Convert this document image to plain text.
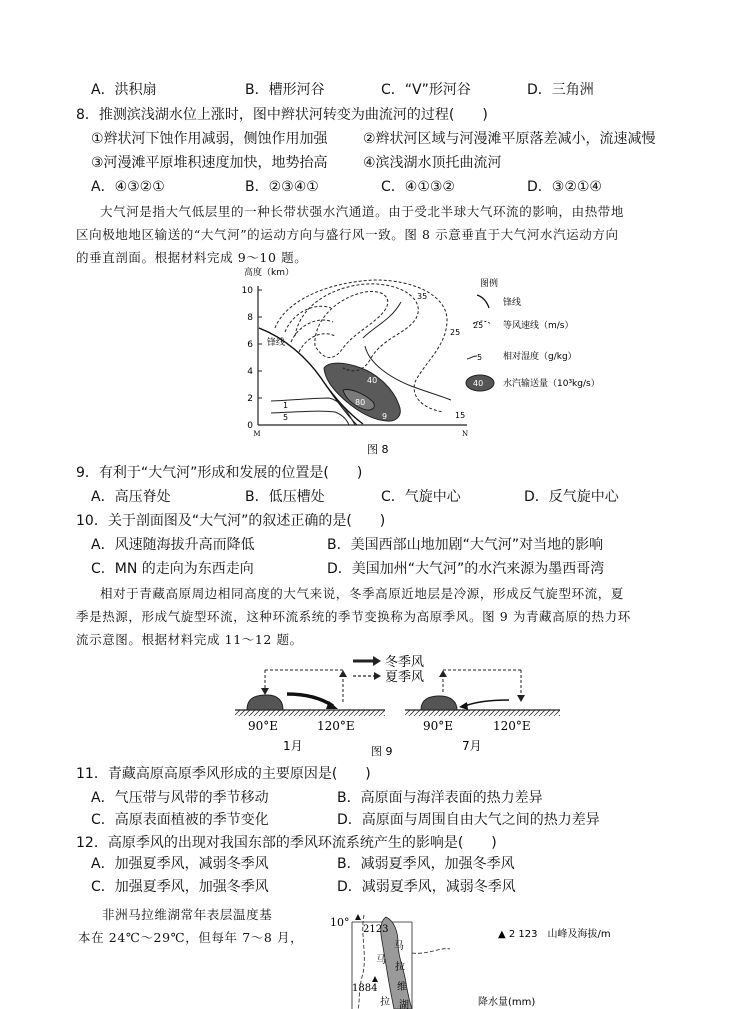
A．洪积扇	B．槽形河谷	C．“V”形河谷	D．三角洲
8．推测滨浅湖水位上涨时，图中辫状河转变为曲流河的过程(　　)
①辫状河下蚀作用减弱，侧蚀作用加强	②辫状河区域与河漫滩平原落差减小，流速减慢
③河漫滩平原堆积速度加快，地势抬高	④滨浅湖水顶托曲流河
A．④③②①	B．②③④①	C．④①③②	D．③②①④
大气河是指大气低层里的一种长带状强水汽通道。由于受北半球大气环流的影响，由热带地
区向极地地区输送的“大气河”的运动方向与盛行风一致。图 8 示意垂直于大气河水汽运动方向
的垂直剖面。根据材料完成 9～10 题。
高度（km）
10
8
6
4
2
0
M	N
35
25
15
40
80
9
1
5
锋线
图例
锋线
25 等风速线（m/s）
5 相对湿度（g/kg）
40 水汽输送量（10³kg/s）
图 8
9．有利于“大气河”形成和发展的位置是(　　)
A．高压脊处	B．低压槽处	C．气旋中心	D．反气旋中心
10．关于剖面图及“大气河”的叙述正确的是(　　)
A．风速随海拔升高而降低	B．美国西部山地加剧“大气河”对当地的影响
C．MN 的走向为东西走向	D．美国加州“大气河”的水汽来源为墨西哥湾
相对于青藏高原周边相同高度的大气来说，冬季高原近地层是冷源，形成反气旋型环流，夏
季是热源，形成气旋型环流，这种环流系统的季节变换称为高原季风。图 9 为青藏高原的热力环
流示意图。根据材料完成 11～12 题。
冬季风
夏季风
90°E	120°E
1月
90°E	120°E
7月
图 9
11．青藏高原高原季风形成的主要原因是(　　)
A．气压带与风带的季节移动	B．高原面与海洋表面的热力差异
C．高原表面植被的季节变化	D．高原面与周围自由大气之间的热力差异
12．高原季风的出现对我国东部的季风环流系统产生的影响是(　　)
A．加强夏季风，减弱冬季风	B．减弱夏季风，加强冬季风
C．加强夏季风，加强冬季风	D．减弱夏季风，减弱冬季风
非洲马拉维湖常年表层温度基
本在 24℃～29℃，但每年 7～8 月，
10°
2123
1884
马
拉
马
拉
维
湖
▲ 2 123　山峰及海拔/m
降水量(mm)
